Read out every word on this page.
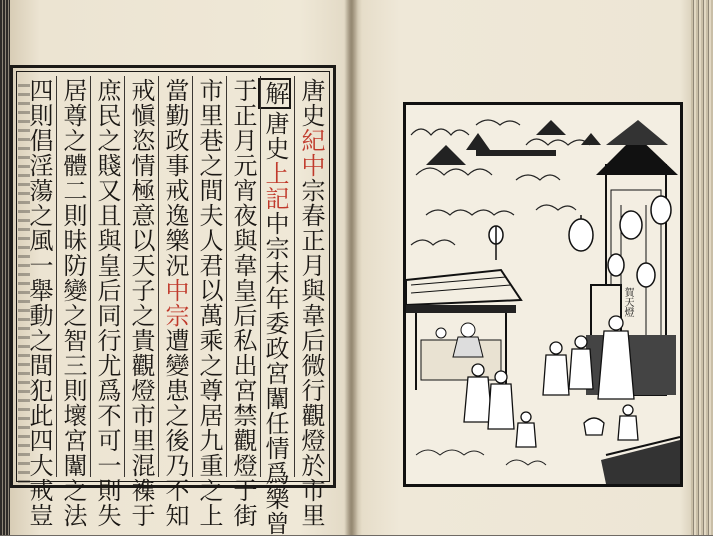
唐史紀中宗春正月與韋后微行觀燈於市里
解唐史上記中宗末年委政宮闈任情爲樂曾
于正月元宵夜與韋皇后私出宮禁觀燈于街
市里巷之間夫人君以萬乘之尊居九重之上
當勤政事戒逸樂況中宗遭變患之後乃不知
戒愼恣情極意以天子之貴觀燈市里混襍于
庶民之賤又且與皇后同行尤爲不可一則失
居尊之體二則昧防變之智三則壞宮闈之法
四則倡淫蕩之風一舉動之間犯此四大戒豈
賀天燈
